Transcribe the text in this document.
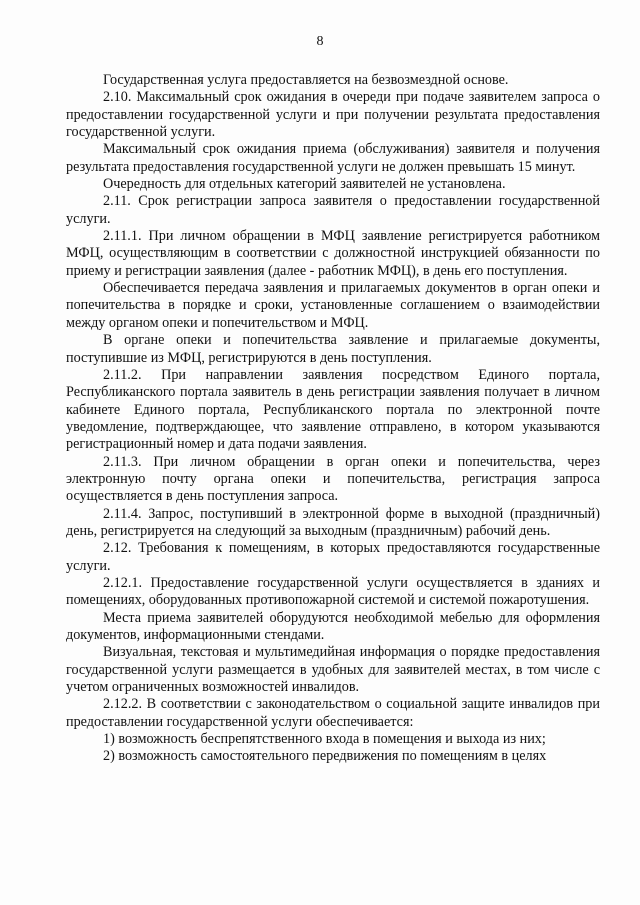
8

Государственная услуга предоставляется на безвозмездной основе.

2.10. Максимальный срок ожидания в очереди при подаче заявителем запроса о предоставлении государственной услуги и при получении результата предоставления государственной услуги.

Максимальный срок ожидания приема (обслуживания) заявителя и получения результата предоставления государственной услуги не должен превышать 15 минут.

Очередность для отдельных категорий заявителей не установлена.

2.11. Срок регистрации запроса заявителя о предоставлении государственной услуги.

2.11.1. При личном обращении в МФЦ заявление регистрируется работником МФЦ, осуществляющим в соответствии с должностной инструкцией обязанности по приему и регистрации заявления (далее - работник МФЦ), в день его поступления.

Обеспечивается передача заявления и прилагаемых документов в орган опеки и попечительства в порядке и сроки, установленные соглашением о взаимодействии между органом опеки и попечительством и МФЦ.

В органе опеки и попечительства заявление и прилагаемые документы, поступившие из МФЦ, регистрируются в день поступления.

2.11.2. При направлении заявления посредством Единого портала, Республиканского портала заявитель в день регистрации заявления получает в личном кабинете Единого портала, Республиканского портала по электронной почте уведомление, подтверждающее, что заявление отправлено, в котором указываются регистрационный номер и дата подачи заявления.

2.11.3. При личном обращении в орган опеки и попечительства, через электронную почту органа опеки и попечительства, регистрация запроса осуществляется в день поступления запроса.

2.11.4. Запрос, поступивший в электронной форме в выходной (праздничный) день, регистрируется на следующий за выходным (праздничным) рабочий день.

2.12. Требования к помещениям, в которых предоставляются государственные услуги.

2.12.1. Предоставление государственной услуги осуществляется в зданиях и помещениях, оборудованных противопожарной системой и системой пожаротушения.

Места приема заявителей оборудуются необходимой мебелью для оформления документов, информационными стендами.

Визуальная, текстовая и мультимедийная информация о порядке предоставления государственной услуги размещается в удобных для заявителей местах, в том числе с учетом ограниченных возможностей инвалидов.

2.12.2. В соответствии с законодательством о социальной защите инвалидов при предоставлении государственной услуги обеспечивается:

1) возможность беспрепятственного входа в помещения и выхода из них;

2) возможность самостоятельного передвижения по помещениям в целях
